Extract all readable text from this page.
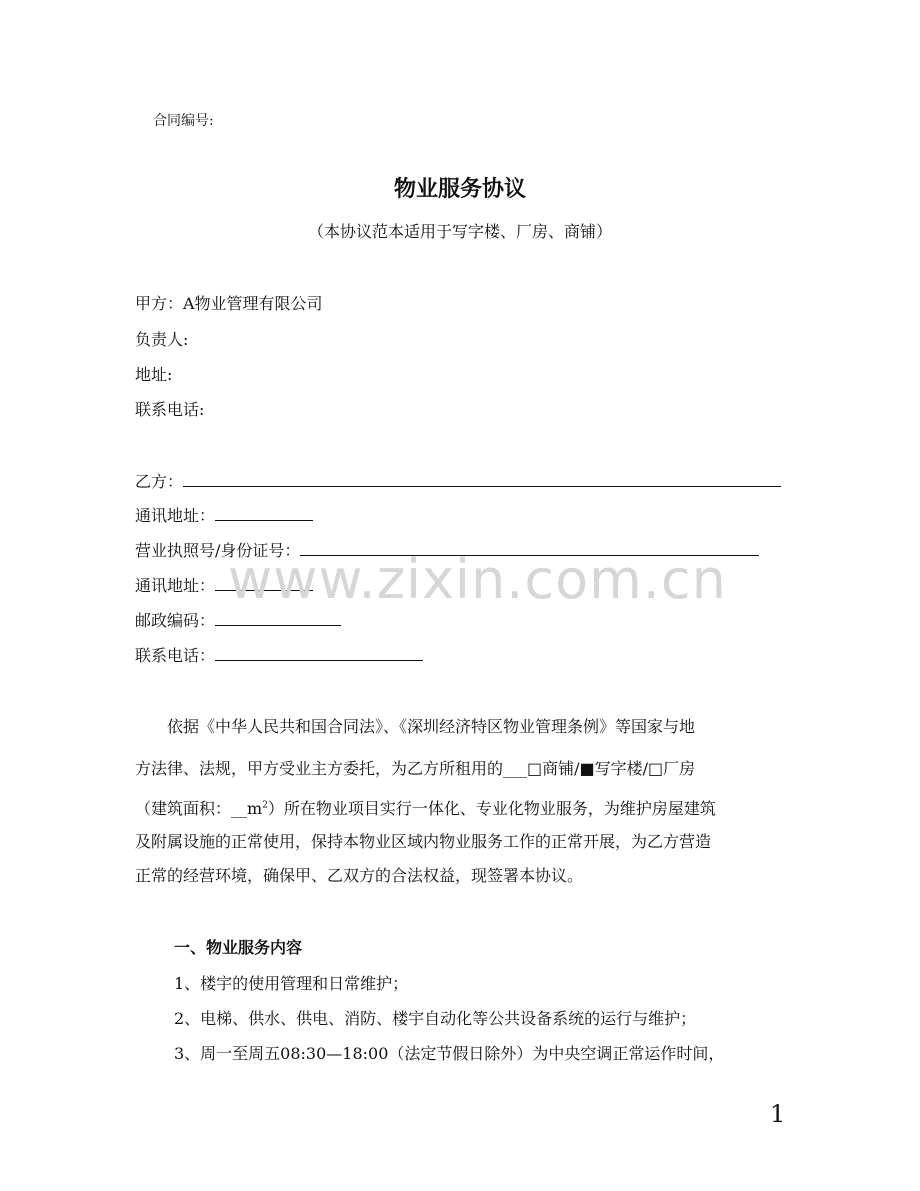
合同编号:
物业服务协议
（本协议范本适用于写字楼、厂房、商铺）
甲方：A物业管理有限公司
负责人:
地址:
联系电话:
乙方：
通讯地址：
营业执照号/身份证号：
通讯地址：
邮政编码：
联系电话：
www.zixin.com.cn
依据《中华人民共和国合同法》、《深圳经济特区物业管理条例》等国家与地
方法律、法规，甲方受业主方委托，为乙方所租用的___□商铺/■写字楼/□厂房
（建筑面积：$\_\_m^2$）所在物业项目实行一体化、专业化物业服务，为维护房屋建筑
及附属设施的正常使用，保持本物业区域内物业服务工作的正常开展，为乙方营造
正常的经营环境，确保甲、乙双方的合法权益，现签署本协议。
一、物业服务内容
1、楼宇的使用管理和日常维护；
2、电梯、供水、供电、消防、楼宇自动化等公共设备系统的运行与维护；
3、周一至周五08:30—18:00（法定节假日除外）为中央空调正常运作时间，
1
